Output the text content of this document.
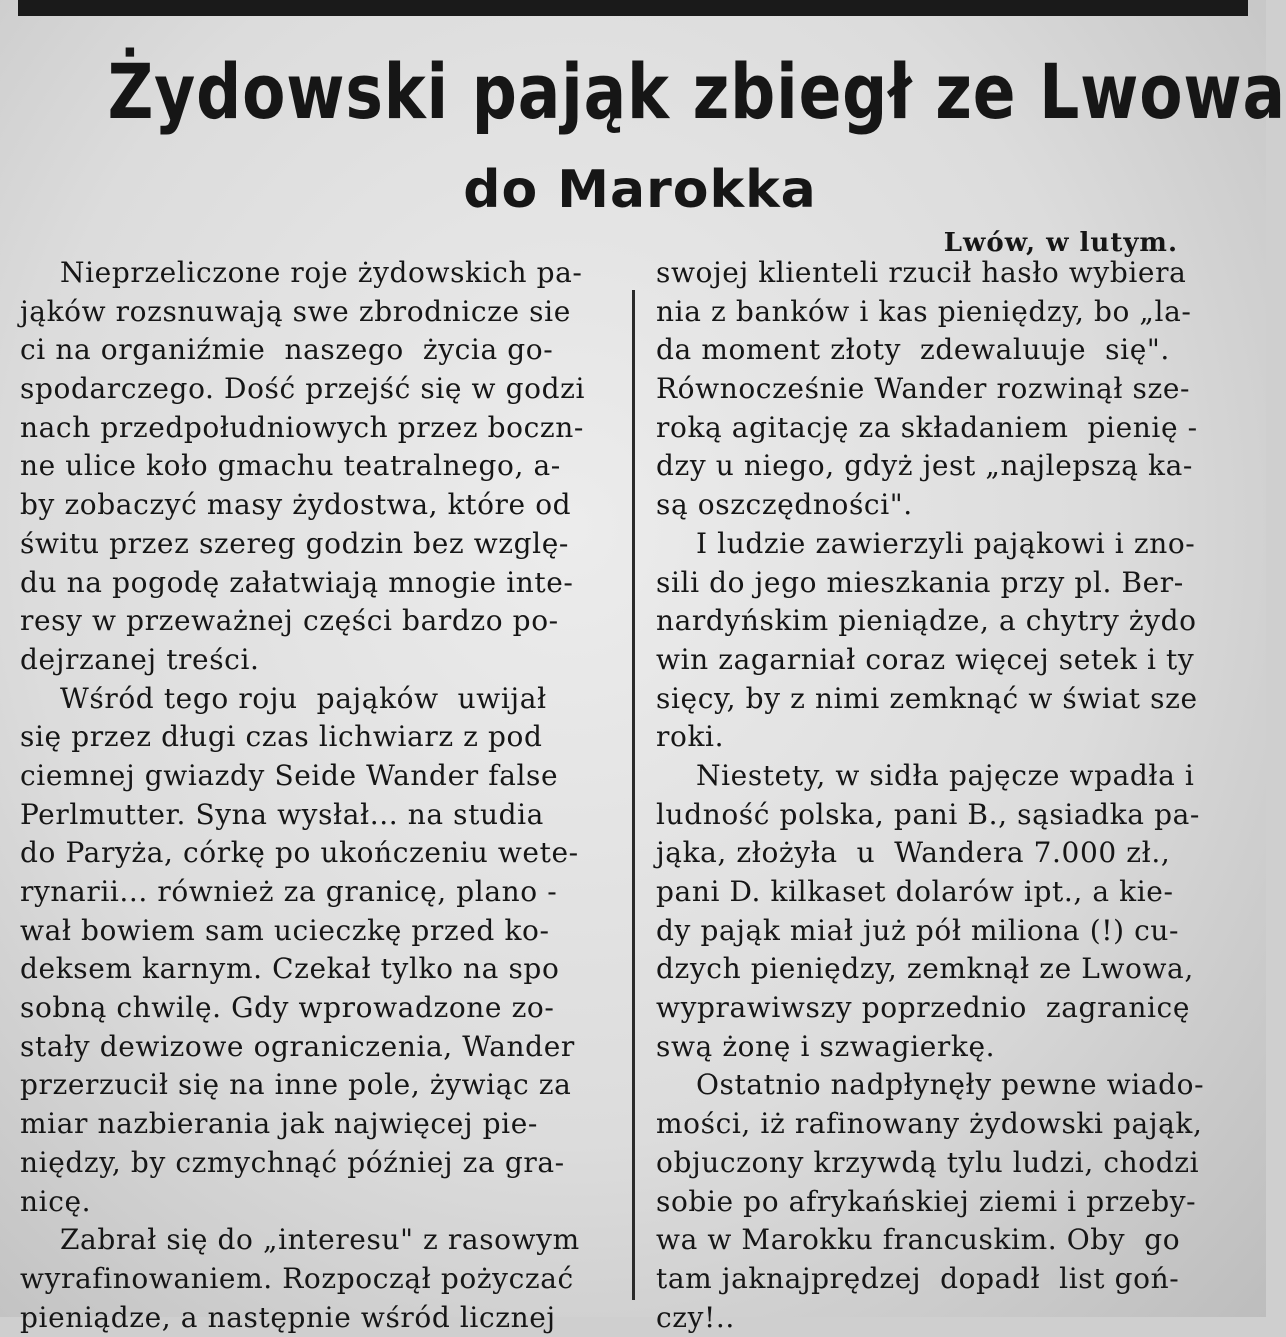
Żydowski pająk zbiegł ze Lwowa
do Marokka
Lwów, w lutym.
Nieprzeliczone roje żydowskich pa-
jąków rozsnuwają swe zbrodnicze sie
ci na organiźmie  naszego  życia go-
spodarczego. Dość przejść się w godzi
nach przedpołudniowych przez boczn-
ne ulice koło gmachu teatralnego, a-
by zobaczyć masy żydostwa, które od
świtu przez szereg godzin bez wzglę-
du na pogodę załatwiają mnogie inte-
resy w przeważnej części bardzo po-
dejrzanej treści.
Wśród tego roju  pająków  uwijał
się przez długi czas lichwiarz z pod
ciemnej gwiazdy Seide Wander false
Perlmutter. Syna wysłał... na studia
do Paryża, córkę po ukończeniu wete-
rynarii... również za granicę, plano -
wał bowiem sam ucieczkę przed ko-
deksem karnym. Czekał tylko na spo
sobną chwilę. Gdy wprowadzone zo-
stały dewizowe ograniczenia, Wander
przerzucił się na inne pole, żywiąc za
miar nazbierania jak najwięcej pie-
niędzy, by czmychnąć później za gra-
nicę.
Zabrał się do „interesu" z rasowym
wyrafinowaniem. Rozpoczął pożyczać
pieniądze, a następnie wśród licznej
swojej klienteli rzucił hasło wybiera
nia z banków i kas pieniędzy, bo „la-
da moment złoty  zdewaluuje  się".
Równocześnie Wander rozwinął sze-
roką agitację za składaniem  pienię -
dzy u niego, gdyż jest „najlepszą ka-
są oszczędności".
I ludzie zawierzyli pająkowi i zno-
sili do jego mieszkania przy pl. Ber-
nardyńskim pieniądze, a chytry żydo
win zagarniał coraz więcej setek i ty
sięcy, by z nimi zemknąć w świat sze
roki.
Niestety, w sidła pajęcze wpadła i
ludność polska, pani B., sąsiadka pa-
jąka, złożyła  u  Wandera 7.000 zł.,
pani D. kilkaset dolarów ipt., a kie-
dy pająk miał już pół miliona (!) cu-
dzych pieniędzy, zemknął ze Lwowa,
wyprawiwszy poprzednio  zagranicę
swą żonę i szwagierkę.
Ostatnio nadpłynęły pewne wiado-
mości, iż rafinowany żydowski pająk,
objuczony krzywdą tylu ludzi, chodzi
sobie po afrykańskiej ziemi i przeby-
wa w Marokku francuskim. Oby  go
tam jaknajprędzej  dopadł  list goń-
czy!..
